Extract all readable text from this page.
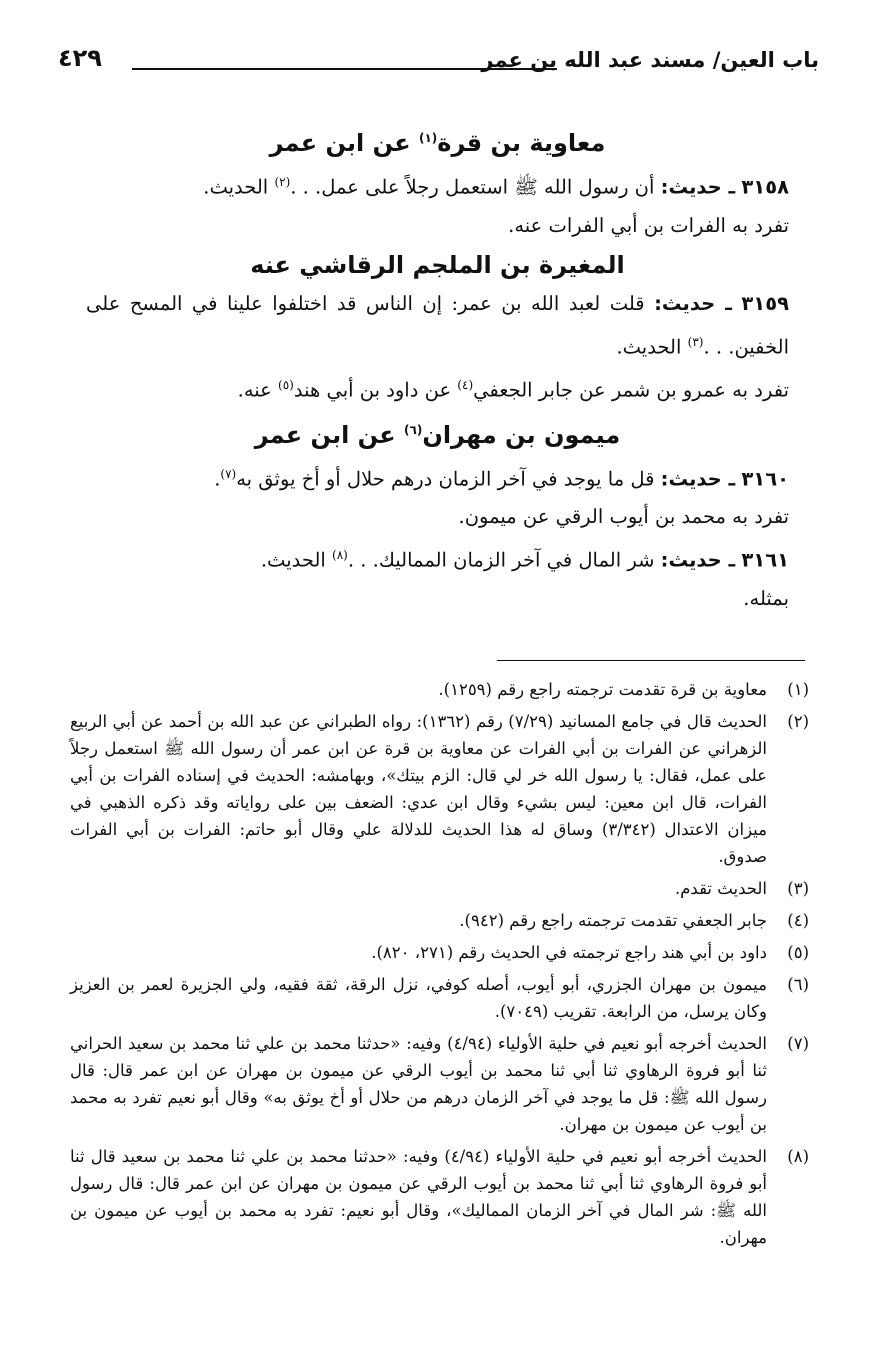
باب العين/ مسند عبد الله بن عمر
٤٢٩
معاوية بن قرة$^{(١)}$ عن ابن عمر

٣١٥٨ ـ حديث: أن رسول الله ﷺ استعمل رجلاً على عمل. . .$^{(٢)}$ الحديث.

تفرد به الفرات بن أبي الفرات عنه.

المغيرة بن الملجم الرقاشي عنه

٣١٥٩ ـ حديث: قلت لعبد الله بن عمر: إن الناس قد اختلفوا علينا في المسح على الخفين. . .$^{(٣)}$ الحديث.

تفرد به عمرو بن شمر عن جابر الجعفي$^{(٤)}$ عن داود بن أبي هند$^{(٥)}$ عنه.

ميمون بن مهران$^{(٦)}$ عن ابن عمر

٣١٦٠ ـ حديث: قل ما يوجد في آخر الزمان درهم حلال أو أخ يوثق به$^{(٧)}$.

تفرد به محمد بن أيوب الرقي عن ميمون.

٣١٦١ ـ حديث: شر المال في آخر الزمان المماليك. . .$^{(٨)}$ الحديث.

بمثله.

(١)
معاوية بن قرة تقدمت ترجمته راجع رقم (١٢٥٩).

(٢)
الحديث قال في جامع المسانيد (٧/٢٩) رقم (١٣٦٢): رواه الطبراني عن عبد الله بن أحمد عن أبي الربيع الزهراني عن الفرات بن أبي الفرات عن معاوية بن قرة عن ابن عمر أن رسول الله ﷺ استعمل رجلاً على عمل، فقال: يا رسول الله خر لي قال: الزم بيتك»، وبهامشه: الحديث في إسناده الفرات بن أبي الفرات، قال ابن معين: ليس بشيء وقال ابن عدي: الضعف بين على رواياته وقد ذكره الذهبي في ميزان الاعتدال (٣/٣٤٢) وساق له هذا الحديث للدلالة علي وقال أبو حاتم: الفرات بن أبي الفرات صدوق.

(٣)
الحديث تقدم.

(٤)
جابر الجعفي تقدمت ترجمته راجع رقم (٩٤٢).

(٥)
داود بن أبي هند راجع ترجمته في الحديث رقم (٢٧١، ٨٢٠).

(٦)
ميمون بن مهران الجزري، أبو أيوب، أصله كوفي، نزل الرقة، ثقة فقيه، ولي الجزيرة لعمر بن العزيز وكان يرسل، من الرابعة. تقريب (٧٠٤٩).

(٧)
الحديث أخرجه أبو نعيم في حلية الأولياء (٤/٩٤) وفيه: «حدثنا محمد بن علي ثنا محمد بن سعيد الحراني ثنا أبو فروة الرهاوي ثنا أبي ثنا محمد بن أيوب الرقي عن ميمون بن مهران عن ابن عمر قال: قال رسول الله ﷺ: قل ما يوجد في آخر الزمان درهم من حلال أو أخ يوثق به» وقال أبو نعيم تفرد به محمد بن أيوب عن ميمون بن مهران.

(٨)
الحديث أخرجه أبو نعيم في حلية الأولياء (٤/٩٤) وفيه: «حدثنا محمد بن علي ثنا محمد بن سعيد قال ثنا أبو فروة الرهاوي ثنا أبي ثنا محمد بن أيوب الرقي عن ميمون بن مهران عن ابن عمر قال: قال رسول الله ﷺ: شر المال في آخر الزمان المماليك»، وقال أبو نعيم: تفرد به محمد بن أيوب عن ميمون بن مهران.
